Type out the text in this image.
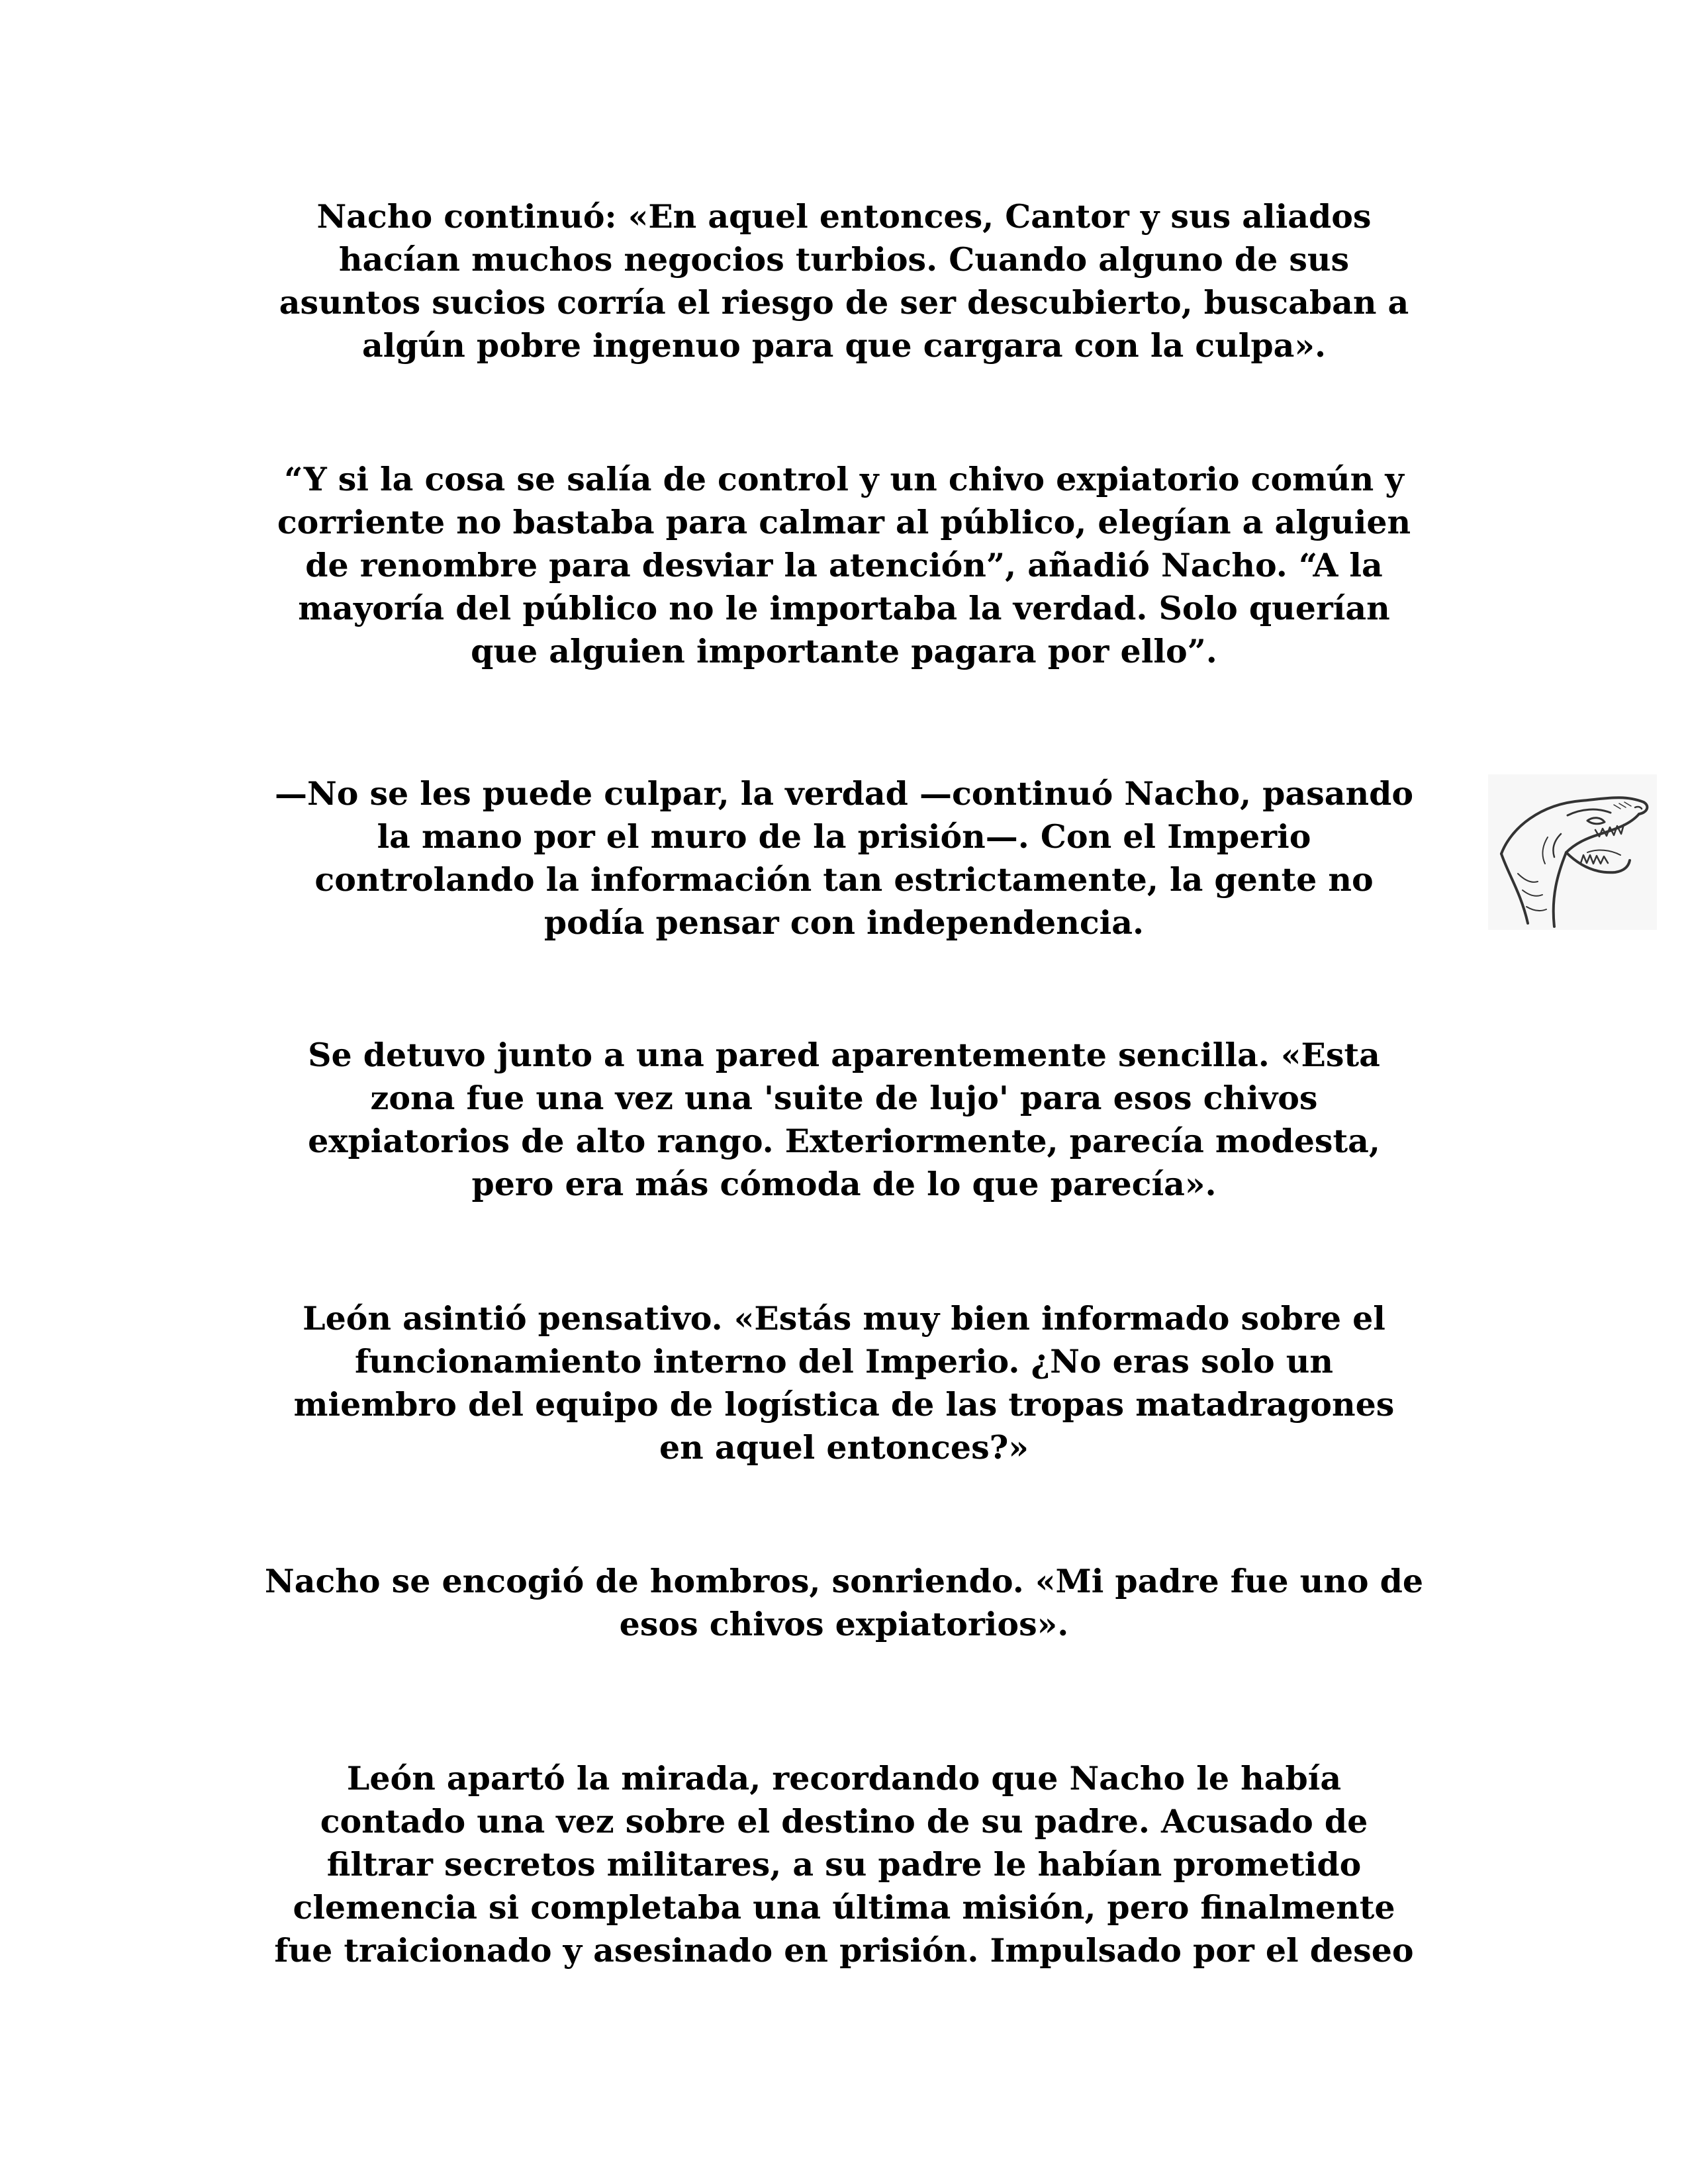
Nacho continuó: «En aquel entonces, Cantor y sus aliados
hacían muchos negocios turbios. Cuando alguno de sus
asuntos sucios corría el riesgo de ser descubierto, buscaban a
algún pobre ingenuo para que cargara con la culpa».

“Y si la cosa se salía de control y un chivo expiatorio común y
corriente no bastaba para calmar al público, elegían a alguien
de renombre para desviar la atención”, añadió Nacho. “A la
mayoría del público no le importaba la verdad. Solo querían
que alguien importante pagara por ello”.

—No se les puede culpar, la verdad —continuó Nacho, pasando
la mano por el muro de la prisión—. Con el Imperio
controlando la información tan estrictamente, la gente no
podía pensar con independencia.

Se detuvo junto a una pared aparentemente sencilla. «Esta
zona fue una vez una 'suite de lujo' para esos chivos
expiatorios de alto rango. Exteriormente, parecía modesta,
pero era más cómoda de lo que parecía».

León asintió pensativo. «Estás muy bien informado sobre el
funcionamiento interno del Imperio. ¿No eras solo un
miembro del equipo de logística de las tropas matadragones
en aquel entonces?»

Nacho se encogió de hombros, sonriendo. «Mi padre fue uno de
esos chivos expiatorios».

León apartó la mirada, recordando que Nacho le había
contado una vez sobre el destino de su padre. Acusado de
filtrar secretos militares, a su padre le habían prometido
clemencia si completaba una última misión, pero finalmente
fue traicionado y asesinado en prisión. Impulsado por el deseo
